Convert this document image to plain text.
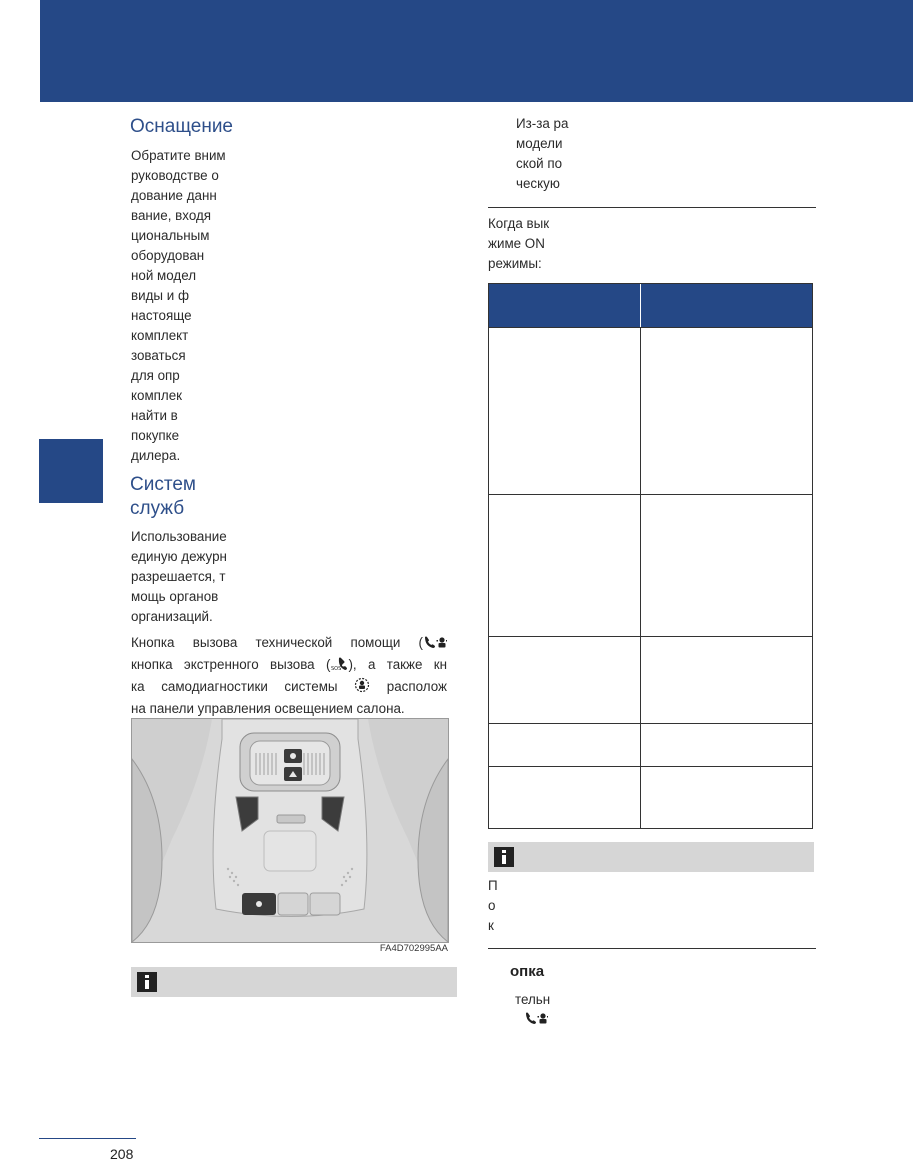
Оснащение
Обратите вним
руководстве о
дование данн
вание, входя
циональным
оборудован
ной модел
виды и ф
настояще
комплект
зоваться
для опр
комплек
найти в
покупке
дилера.
Систем
служб
Использование
единую дежурн
разрешается, т
мощь органов
организаций.
Кнопка вызова технической помощи (
кнопка экстренного вызова ( SOS ), а также кн
ка самодиагностики системы	располож
на панели управления освещением салона.
FA4D702995AA
Из-за ра
модели
ской по
ческую
Когда вык
жиме ON
режимы:
П
о
к
опка
тельн
208
